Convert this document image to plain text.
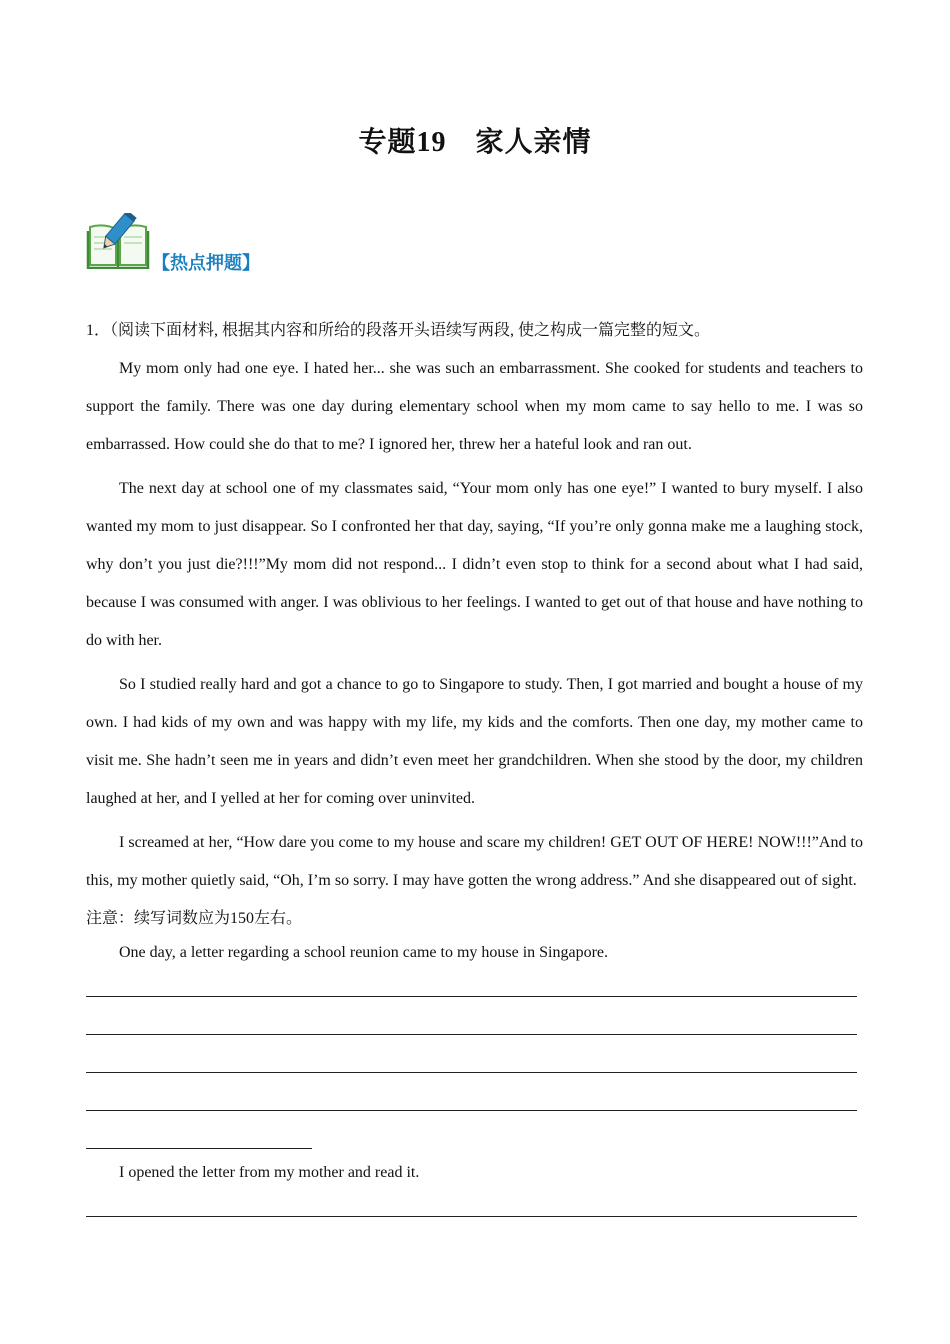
专题19　家人亲情
【热点押题】

1．（阅读下面材料, 根据其内容和所给的段落开头语续写两段, 使之构成一篇完整的短文。

My mom only had one eye. I hated her... she was such an embarrassment. She cooked for students and teachers to support the family. There was one day during elementary school when my mom came to say hello to me. I was so embarrassed. How could she do that to me? I ignored her, threw her a hateful look and ran out.

The next day at school one of my classmates said, “Your mom only has one eye!” I wanted to bury myself. I also wanted my mom to just disappear. So I confronted her that day, saying, “If you’re only gonna make me a laughing stock, why don’t you just die?!!!”My mom did not respond... I didn’t even stop to think for a second about what I had said, because I was consumed with anger. I was oblivious to her feelings. I wanted to get out of that house and have nothing to do with her.

So I studied really hard and got a chance to go to Singapore to study. Then, I got married and bought a house of my own. I had kids of my own and was happy with my life, my kids and the comforts. Then one day, my mother came to visit me. She hadn’t seen me in years and didn’t even meet her grandchildren. When she stood by the door, my children laughed at her, and I yelled at her for coming over uninvited.

I screamed at her, “How dare you come to my house and scare my children! GET OUT OF HERE! NOW!!!”And to this, my mother quietly said, “Oh, I’m so sorry. I may have gotten the wrong address.” And she disappeared out of sight.

注意：续写词数应为150左右。

One day, a letter regarding a school reunion came to my house in Singapore.

I opened the letter from my mother and read it.
